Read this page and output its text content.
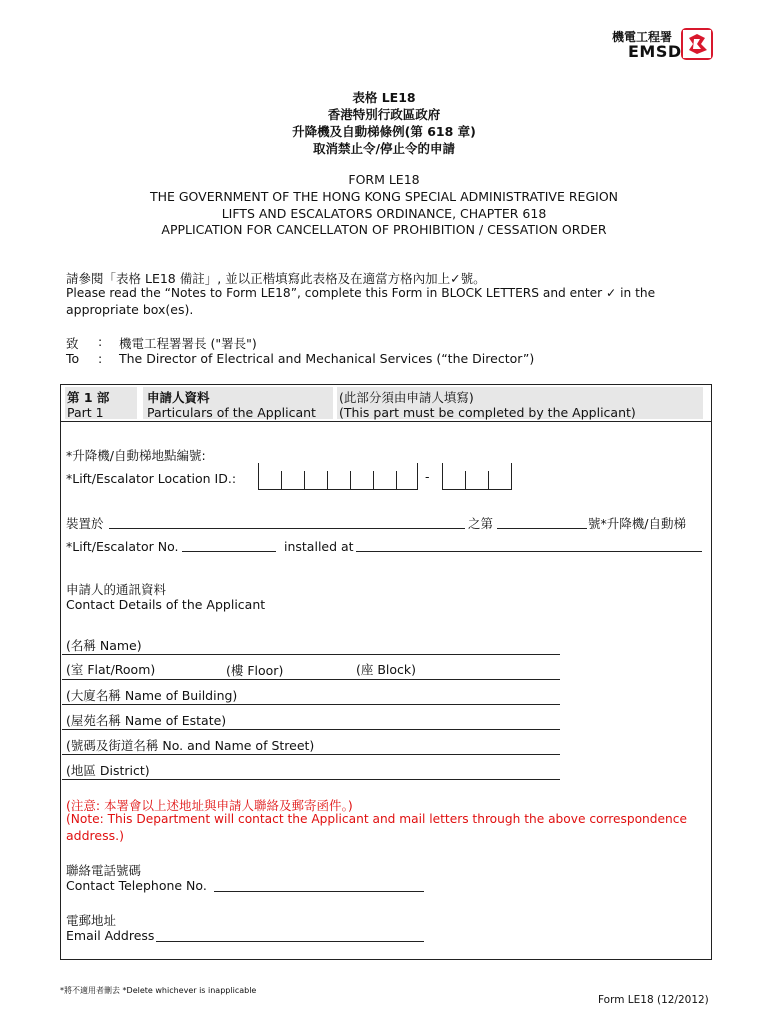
機電工程署
EMSD
表格 LE18
香港特別行政區政府
升降機及自動梯條例(第 618 章)
取消禁止令/停止令的申請
FORM LE18
THE GOVERNMENT OF THE HONG KONG SPECIAL ADMINISTRATIVE REGION
LIFTS AND ESCALATORS ORDINANCE, CHAPTER 618
APPLICATION FOR CANCELLATON OF PROHIBITION / CESSATION ORDER
請參閱「表格 LE18 備註」, 並以正楷填寫此表格及在適當方格內加上✓號。
Please read the “Notes to Form LE18”, complete this Form in BLOCK LETTERS and enter ✓ in the
appropriate box(es).
致 : 機電工程署署長 ("署長")
To : The Director of Electrical and Mechanical Services (“the Director”)
第 1 部
Part 1
申請人資料
Particulars of the Applicant
(此部分須由申請人填寫)
(This part must be completed by the Applicant)
*升降機/自動梯地點編號:
*Lift/Escalator Location ID.:	-
裝置於	之第	號*升降機/自動梯
*Lift/Escalator No.	installed at
申請人的通訊資料
Contact Details of the Applicant
(名稱 Name)
(室 Flat/Room)	(樓 Floor)	(座 Block)
(大廈名稱 Name of Building)
(屋苑名稱 Name of Estate)
(號碼及街道名稱 No. and Name of Street)
(地區 District)
(注意: 本署會以上述地址與申請人聯絡及郵寄函件。)
(Note: This Department will contact the Applicant and mail letters through the above correspondence
address.)
聯絡電話號碼
Contact Telephone No.
電郵地址
Email Address
*將不適用者刪去 *Delete whichever is inapplicable
Form LE18 (12/2012)
